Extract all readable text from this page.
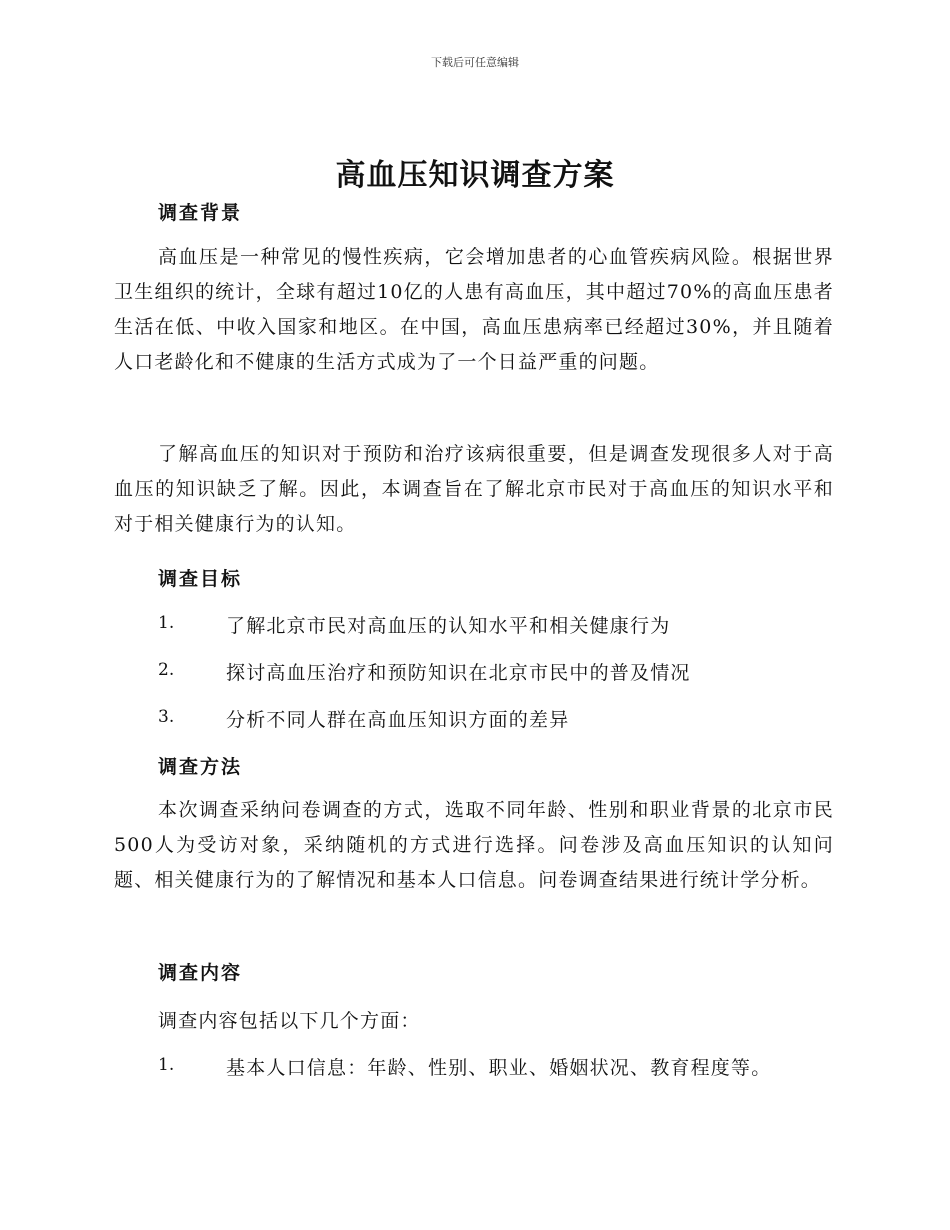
下载后可任意编辑
高血压知识调查方案
调查背景

高血压是一种常见的慢性疾病，它会增加患者的心血管疾病风险。根据世界卫生组织的统计，全球有超过10亿的人患有高血压，其中超过70%的高血压患者生活在低、中收入国家和地区。在中国，高血压患病率已经超过30%，并且随着人口老龄化和不健康的生活方式成为了一个日益严重的问题。

了解高血压的知识对于预防和治疗该病很重要，但是调查发现很多人对于高血压的知识缺乏了解。因此，本调查旨在了解北京市民对于高血压的知识水平和对于相关健康行为的认知。

调查目标
1.	了解北京市民对高血压的认知水平和相关健康行为
2.	探讨高血压治疗和预防知识在北京市民中的普及情况
3.	分析不同人群在高血压知识方面的差异
调查方法

本次调查采纳问卷调查的方式，选取不同年龄、性别和职业背景的北京市民500人为受访对象，采纳随机的方式进行选择。问卷涉及高血压知识的认知问题、相关健康行为的了解情况和基本人口信息。问卷调查结果进行统计学分析。

调查内容

调查内容包括以下几个方面：

1.	基本人口信息：年龄、性别、职业、婚姻状况、教育程度等。
